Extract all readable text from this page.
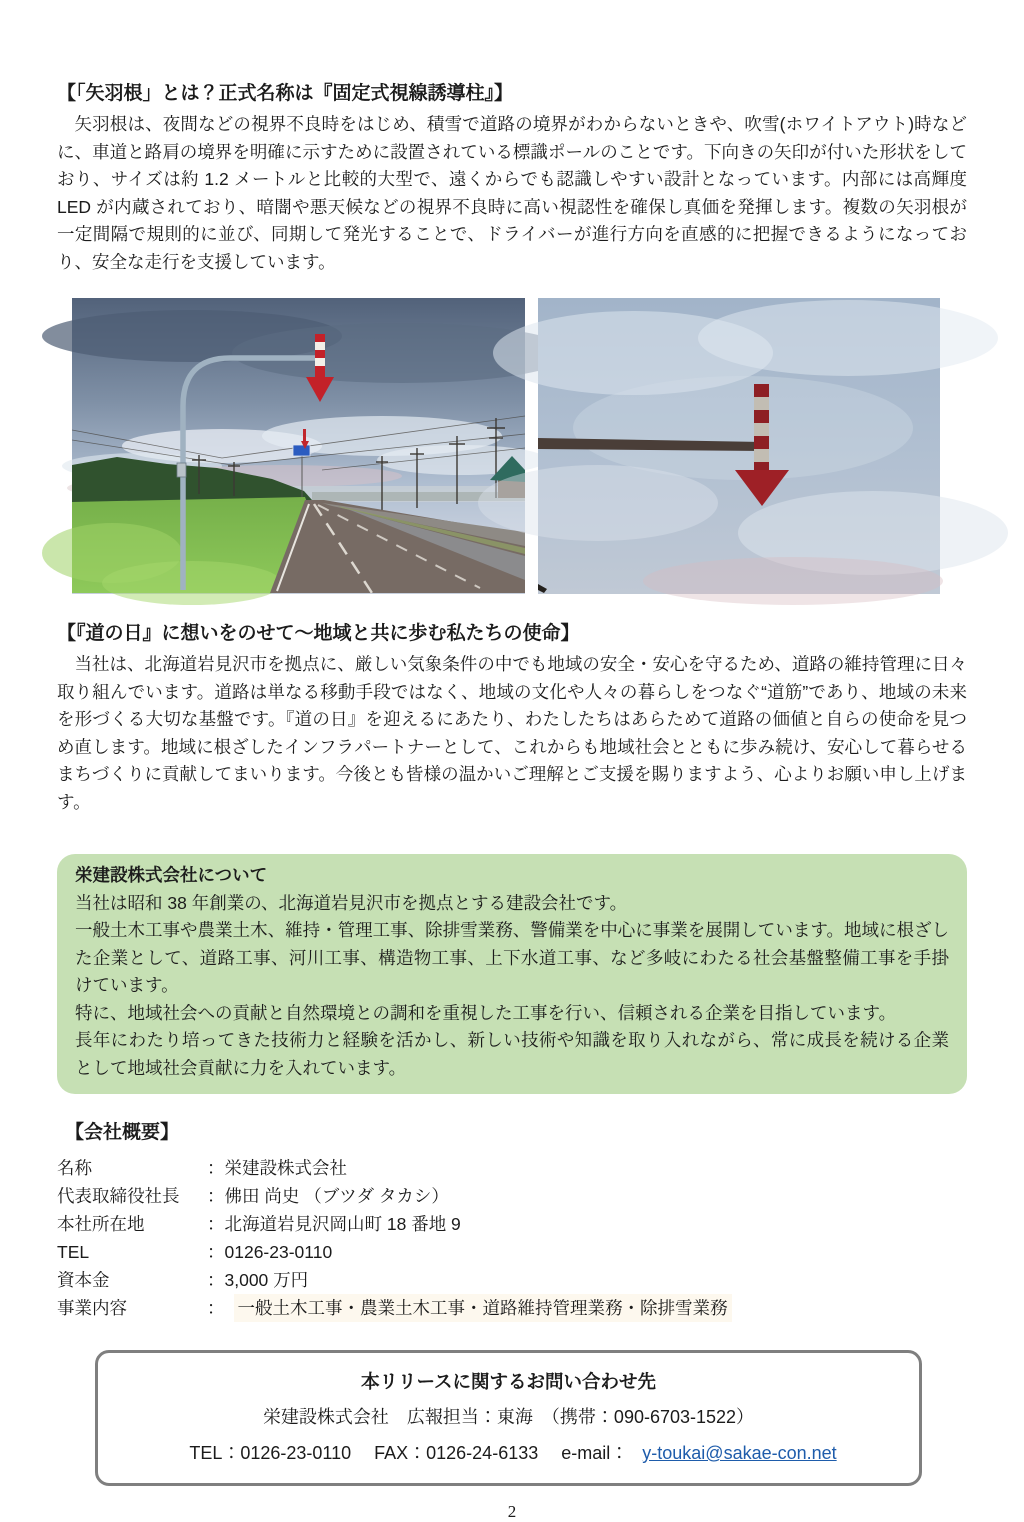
【「矢羽根」とは？正式名称は『固定式視線誘導柱』】

矢羽根は、夜間などの視界不良時をはじめ、積雪で道路の境界がわからないときや、吹雪(ホワイトアウト)時などに、車道と路肩の境界を明確に示すために設置されている標識ポールのことです。下向きの矢印が付いた形状をしており、サイズは約 1.2 メートルと比較的大型で、遠くからでも認識しやすい設計となっています。内部には高輝度 LED が内蔵されており、暗闇や悪天候などの視界不良時に高い視認性を確保し真価を発揮します。複数の矢羽根が一定間隔で規則的に並び、同期して発光することで、ドライバーが進行方向を直感的に把握できるようになっており、安全な走行を支援しています。

【『道の日』に想いをのせて～地域と共に歩む私たちの使命】

当社は、北海道岩見沢市を拠点に、厳しい気象条件の中でも地域の安全・安心を守るため、道路の維持管理に日々取り組んでいます。道路は単なる移動手段ではなく、地域の文化や人々の暮らしをつなぐ“道筋”であり、地域の未来を形づくる大切な基盤です。『道の日』を迎えるにあたり、わたしたちはあらためて道路の価値と自らの使命を見つめ直します。地域に根ざしたインフラパートナーとして、これからも地域社会とともに歩み続け、安心して暮らせるまちづくりに貢献してまいります。今後とも皆様の温かいご理解とご支援を賜りますよう、心よりお願い申し上げます。

栄建設株式会社について

当社は昭和 38 年創業の、北海道岩見沢市を拠点とする建設会社です。

一般土木工事や農業土木、維持・管理工事、除排雪業務、警備業を中心に事業を展開しています。地域に根ざした企業として、道路工事、河川工事、構造物工事、上下水道工事、など多岐にわたる社会基盤整備工事を手掛けています。

特に、地域社会への貢献と自然環境との調和を重視した工事を行い、信頼される企業を目指しています。

長年にわたり培ってきた技術力と経験を活かし、新しい技術や知識を取り入れながら、常に成長を続ける企業として地域社会貢献に力を入れています。

【会社概要】
名称	： 栄建設株式会社
代表取締役社長	： 佛田 尚史 （ブツダ タカシ）
本社所在地	： 北海道岩見沢岡山町 18 番地 9
TEL	： 0126-23-0110
資本金	： 3,000 万円
事業内容	： 一般土木工事・農業土木工事・道路維持管理業務・除排雪業務

本リリースに関するお問い合わせ先

栄建設株式会社　広報担当：東海　（携帯：090-6703-1522）

TEL：0126-23-0110 FAX：0126-24-6133 e-mail： y-toukai@sakae-con.net

2
